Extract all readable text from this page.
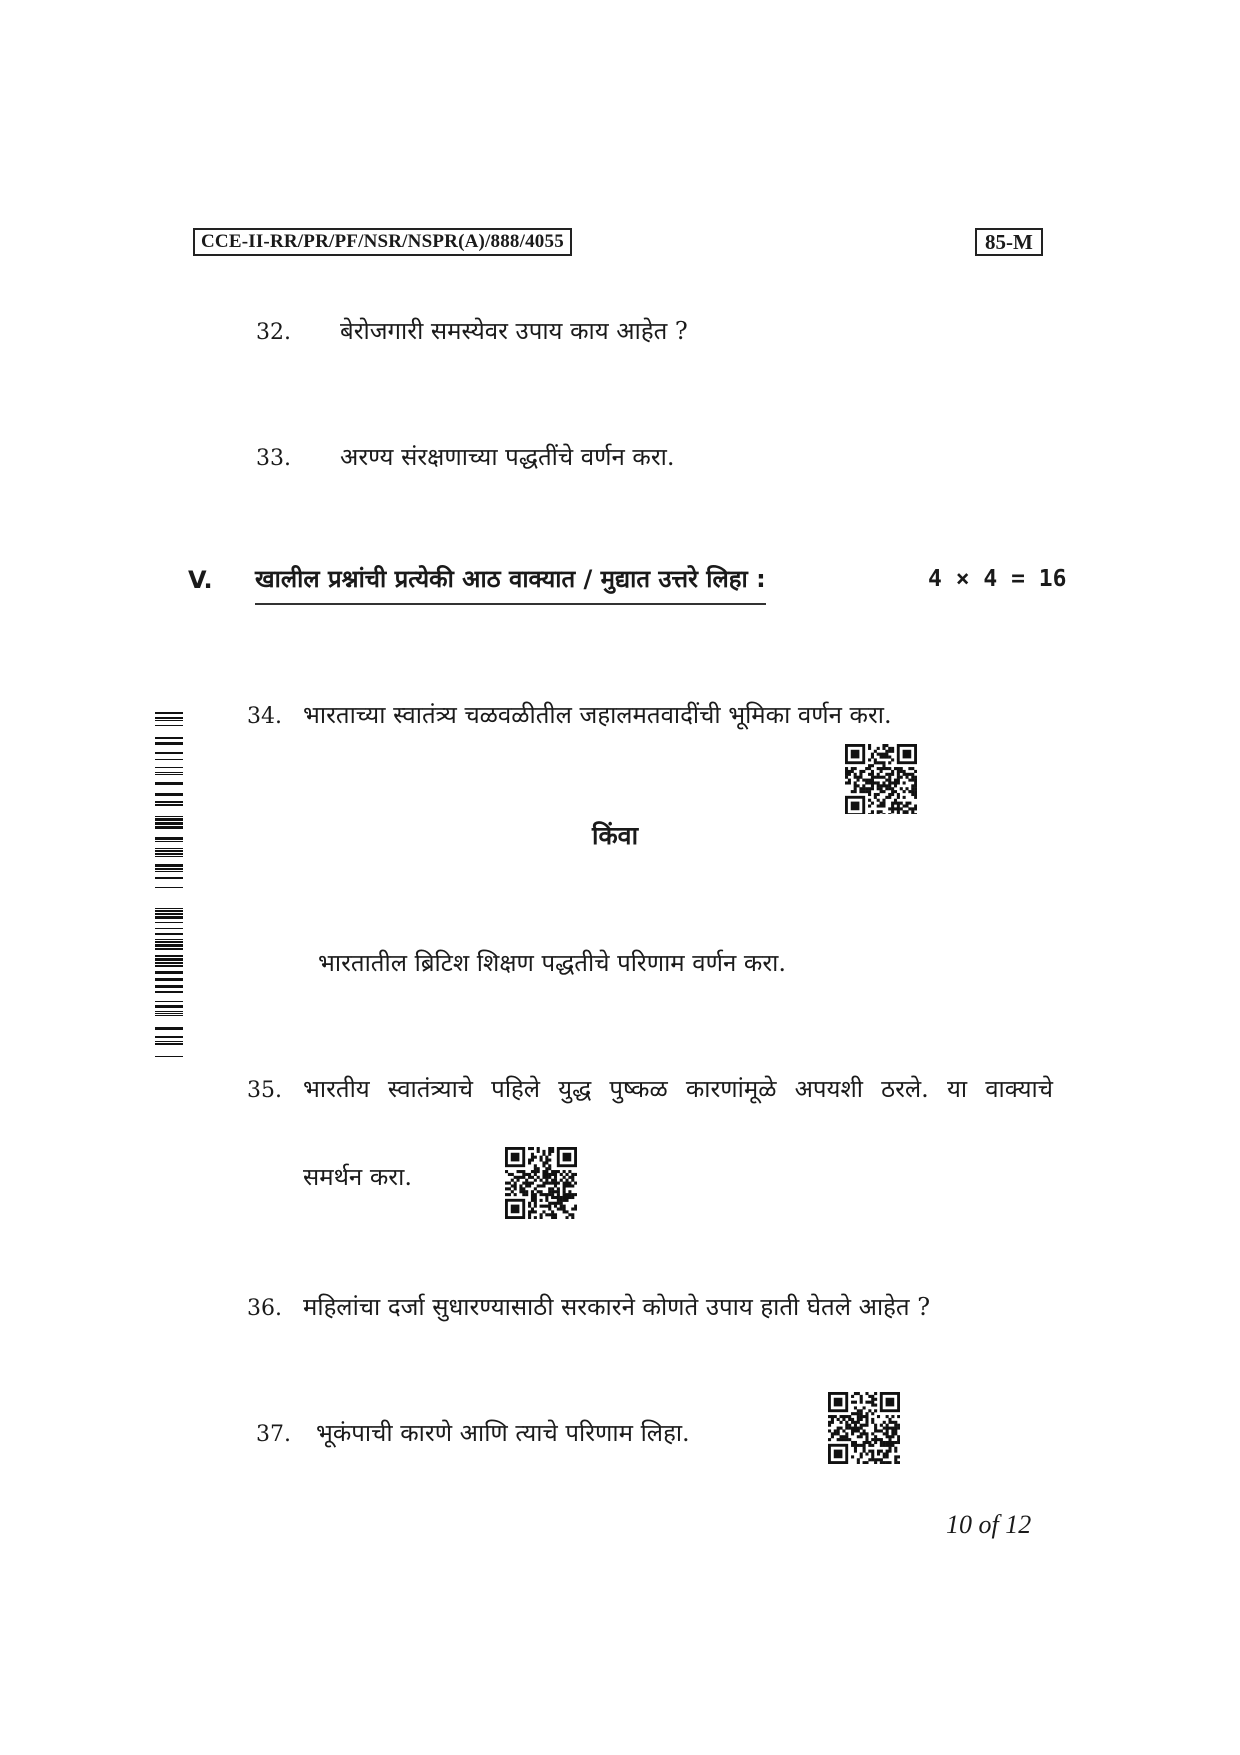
CCE-II-RR/PR/PF/NSR/NSPR(A)/888/4055	85-M
32. बेरोजगारी समस्येवर उपाय काय आहेत ?
33. अरण्य संरक्षणाच्या पद्धतींचे वर्णन करा.
V. खालील प्रश्नांची प्रत्येकी आठ वाक्यात / मुद्यात उत्तरे लिहा :	4 × 4 = 16
34. भारताच्या स्वातंत्र्य चळवळीतील जहालमतवादींची भूमिका वर्णन करा.
किंवा
भारतातील ब्रिटिश शिक्षण पद्धतीचे परिणाम वर्णन करा.
35. भारतीय स्वातंत्र्याचे पहिले युद्ध पुष्कळ कारणांमूळे अपयशी ठरले. या वाक्याचे
समर्थन करा.
36. महिलांचा दर्जा सुधारण्यासाठी सरकारने कोणते उपाय हाती घेतले आहेत ?
37. भूकंपाची कारणे आणि त्याचे परिणाम लिहा.
10 of 12
